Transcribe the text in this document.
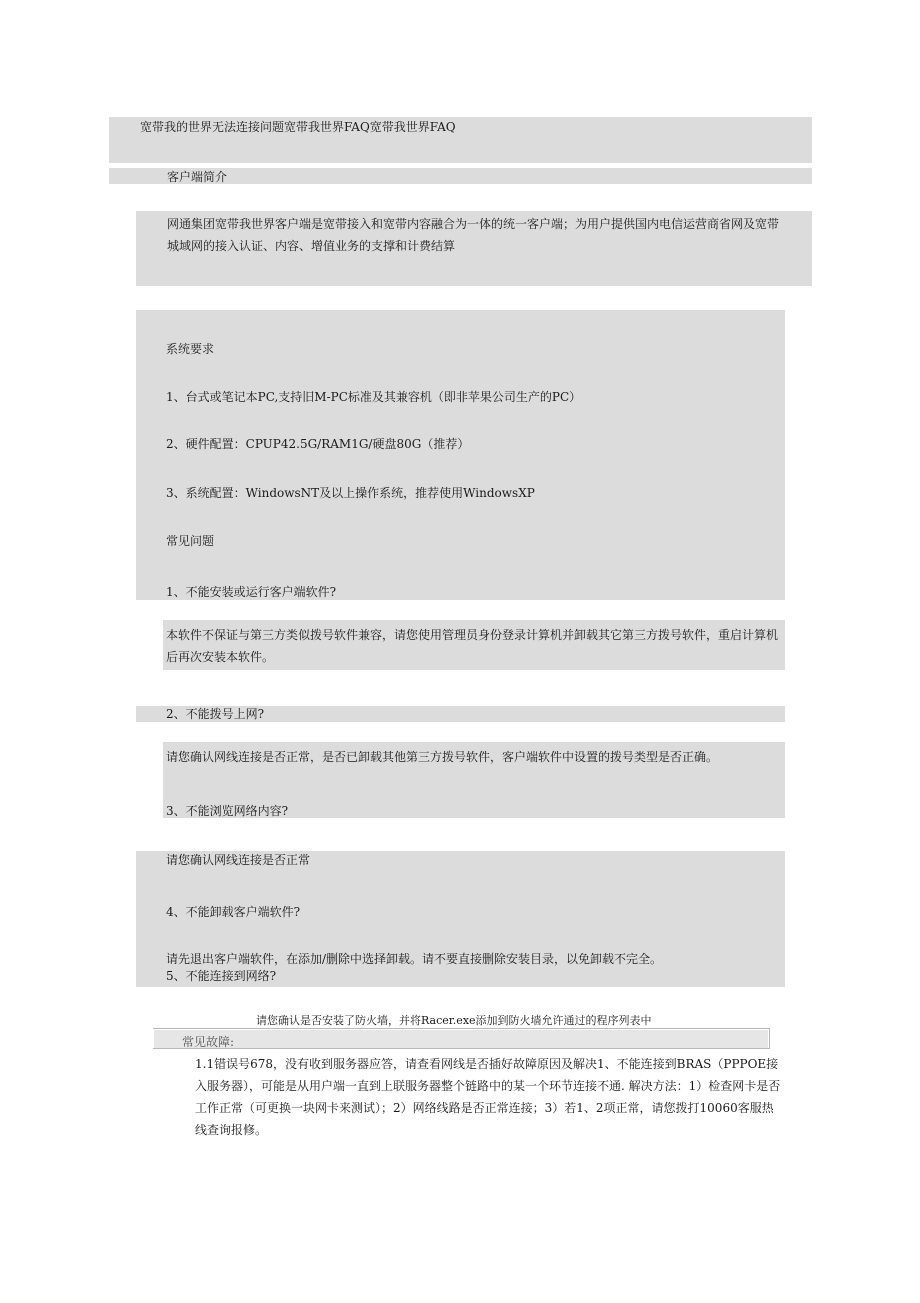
宽带我的世界无法连接问题宽带我世界FAQ宽带我世界FAQ
客户端简介
网通集团宽带我世界客户端是宽带接入和宽带内容融合为一体的统一客户端；为用户提供国内电信运营商省网及宽带城域网的接入认证、内容、增值业务的支撑和计费结算
系统要求
1、台式或笔记本PC,支持旧M-PC标准及其兼容机（即非苹果公司生产的PC）
2、硬件配置：CPUP42.5G/RAM1G/硬盘80G（推荐）
3、系统配置：WindowsNT及以上操作系统，推荐使用WindowsXP
常见问题
1、不能安装或运行客户端软件?
本软件不保证与第三方类似拨号软件兼容，请您使用管理员身份登录计算机并卸载其它第三方拨号软件，重启计算机后再次安装本软件。
2、不能拨号上网?
请您确认网线连接是否正常，是否已卸载其他第三方拨号软件，客户端软件中设置的拨号类型是否正确。
3、不能浏览网络内容?
请您确认网线连接是否正常
4、不能卸载客户端软件?
请先退出客户端软件，在添加/删除中选择卸载。请不要直接删除安装目录，以免卸载不完全。
5、不能连接到网络?
请您确认是否安装了防火墙，并将Racer.exe添加到防火墙允许通过的程序列表中
常见故障:
1.1错误号678，没有收到服务器应答，请查看网线是否插好故障原因及解决1、不能连接到BRAS（PPPOE接入服务器），可能是从用户端一直到上联服务器整个链路中的某一个环节连接不通. 解决方法：1）检查网卡是否工作正常（可更换一块网卡来测试）；2）网络线路是否正常连接；3）若1、2项正常，请您拨打10060客服热线查询报修。
